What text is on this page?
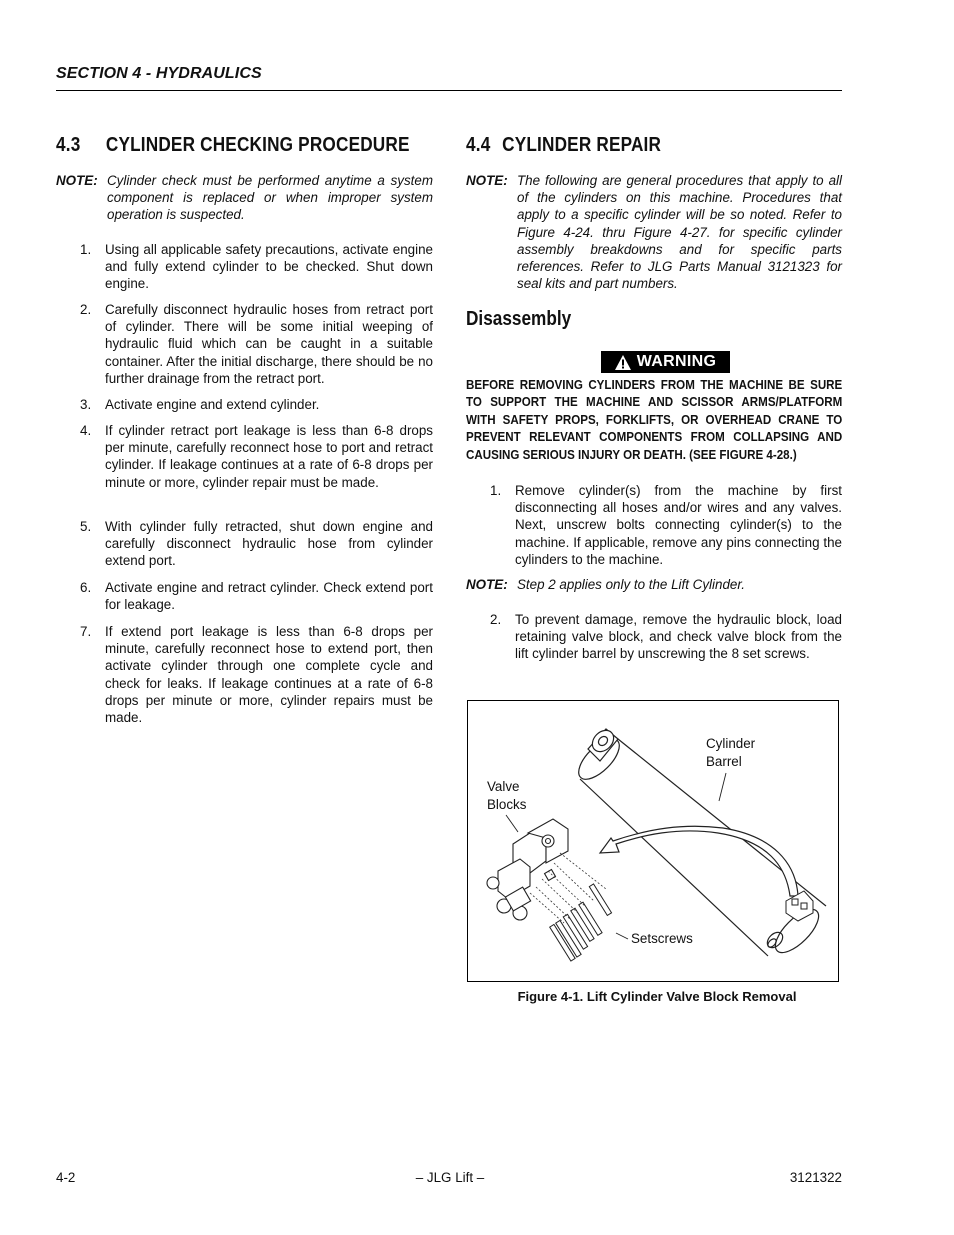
SECTION 4 - HYDRAULICS
4.3 CYLINDER CHECKING PROCEDURE
NOTE: Cylinder check must be performed anytime a system component is replaced or when improper system operation is suspected.
1. Using all applicable safety precautions, activate engine and fully extend cylinder to be checked. Shut down engine.
2. Carefully disconnect hydraulic hoses from retract port of cylinder. There will be some initial weeping of hydraulic fluid which can be caught in a suitable container. After the initial discharge, there should be no further drainage from the retract port.
3. Activate engine and extend cylinder.
4. If cylinder retract port leakage is less than 6-8 drops per minute, carefully reconnect hose to port and retract cylinder. If leakage continues at a rate of 6-8 drops per minute or more, cylinder repair must be made.
5. With cylinder fully retracted, shut down engine and carefully disconnect hydraulic hose from cylinder extend port.
6. Activate engine and retract cylinder. Check extend port for leakage.
7. If extend port leakage is less than 6-8 drops per minute, carefully reconnect hose to extend port, then activate cylinder through one complete cycle and check for leaks. If leakage continues at a rate of 6-8 drops per minute or more, cylinder repairs must be made.
4.4 CYLINDER REPAIR
NOTE: The following are general procedures that apply to all of the cylinders on this machine. Procedures that apply to a specific cylinder will be so noted. Refer to Figure 4-24. thru Figure 4-27. for specific cylinder assembly breakdowns and for specific parts references. Refer to JLG Parts Manual 3121323 for seal kits and part numbers.
Disassembly
WARNING
BEFORE REMOVING CYLINDERS FROM THE MACHINE BE SURE TO SUPPORT THE MACHINE AND SCISSOR ARMS/PLATFORM WITH SAFETY PROPS, FORKLIFTS, OR OVERHEAD CRANE TO PREVENT RELEVANT COMPONENTS FROM COLLAPSING AND CAUSING SERIOUS INJURY OR DEATH. (SEE FIGURE 4-28.)
1. Remove cylinder(s) from the machine by first disconnecting all hoses and/or wires and any valves. Next, unscrew bolts connecting cylinder(s) to the machine. If applicable, remove any pins connecting the cylinders to the machine.
NOTE: Step 2 applies only to the Lift Cylinder.
2. To prevent damage, remove the hydraulic block, load retaining valve block, and check valve block from the lift cylinder barrel by unscrewing the 8 set screws.
Cylinder
Barrel
Valve
Blocks
Setscrews
Figure 4-1. Lift Cylinder Valve Block Removal
4-2	– JLG Lift –	3121322
